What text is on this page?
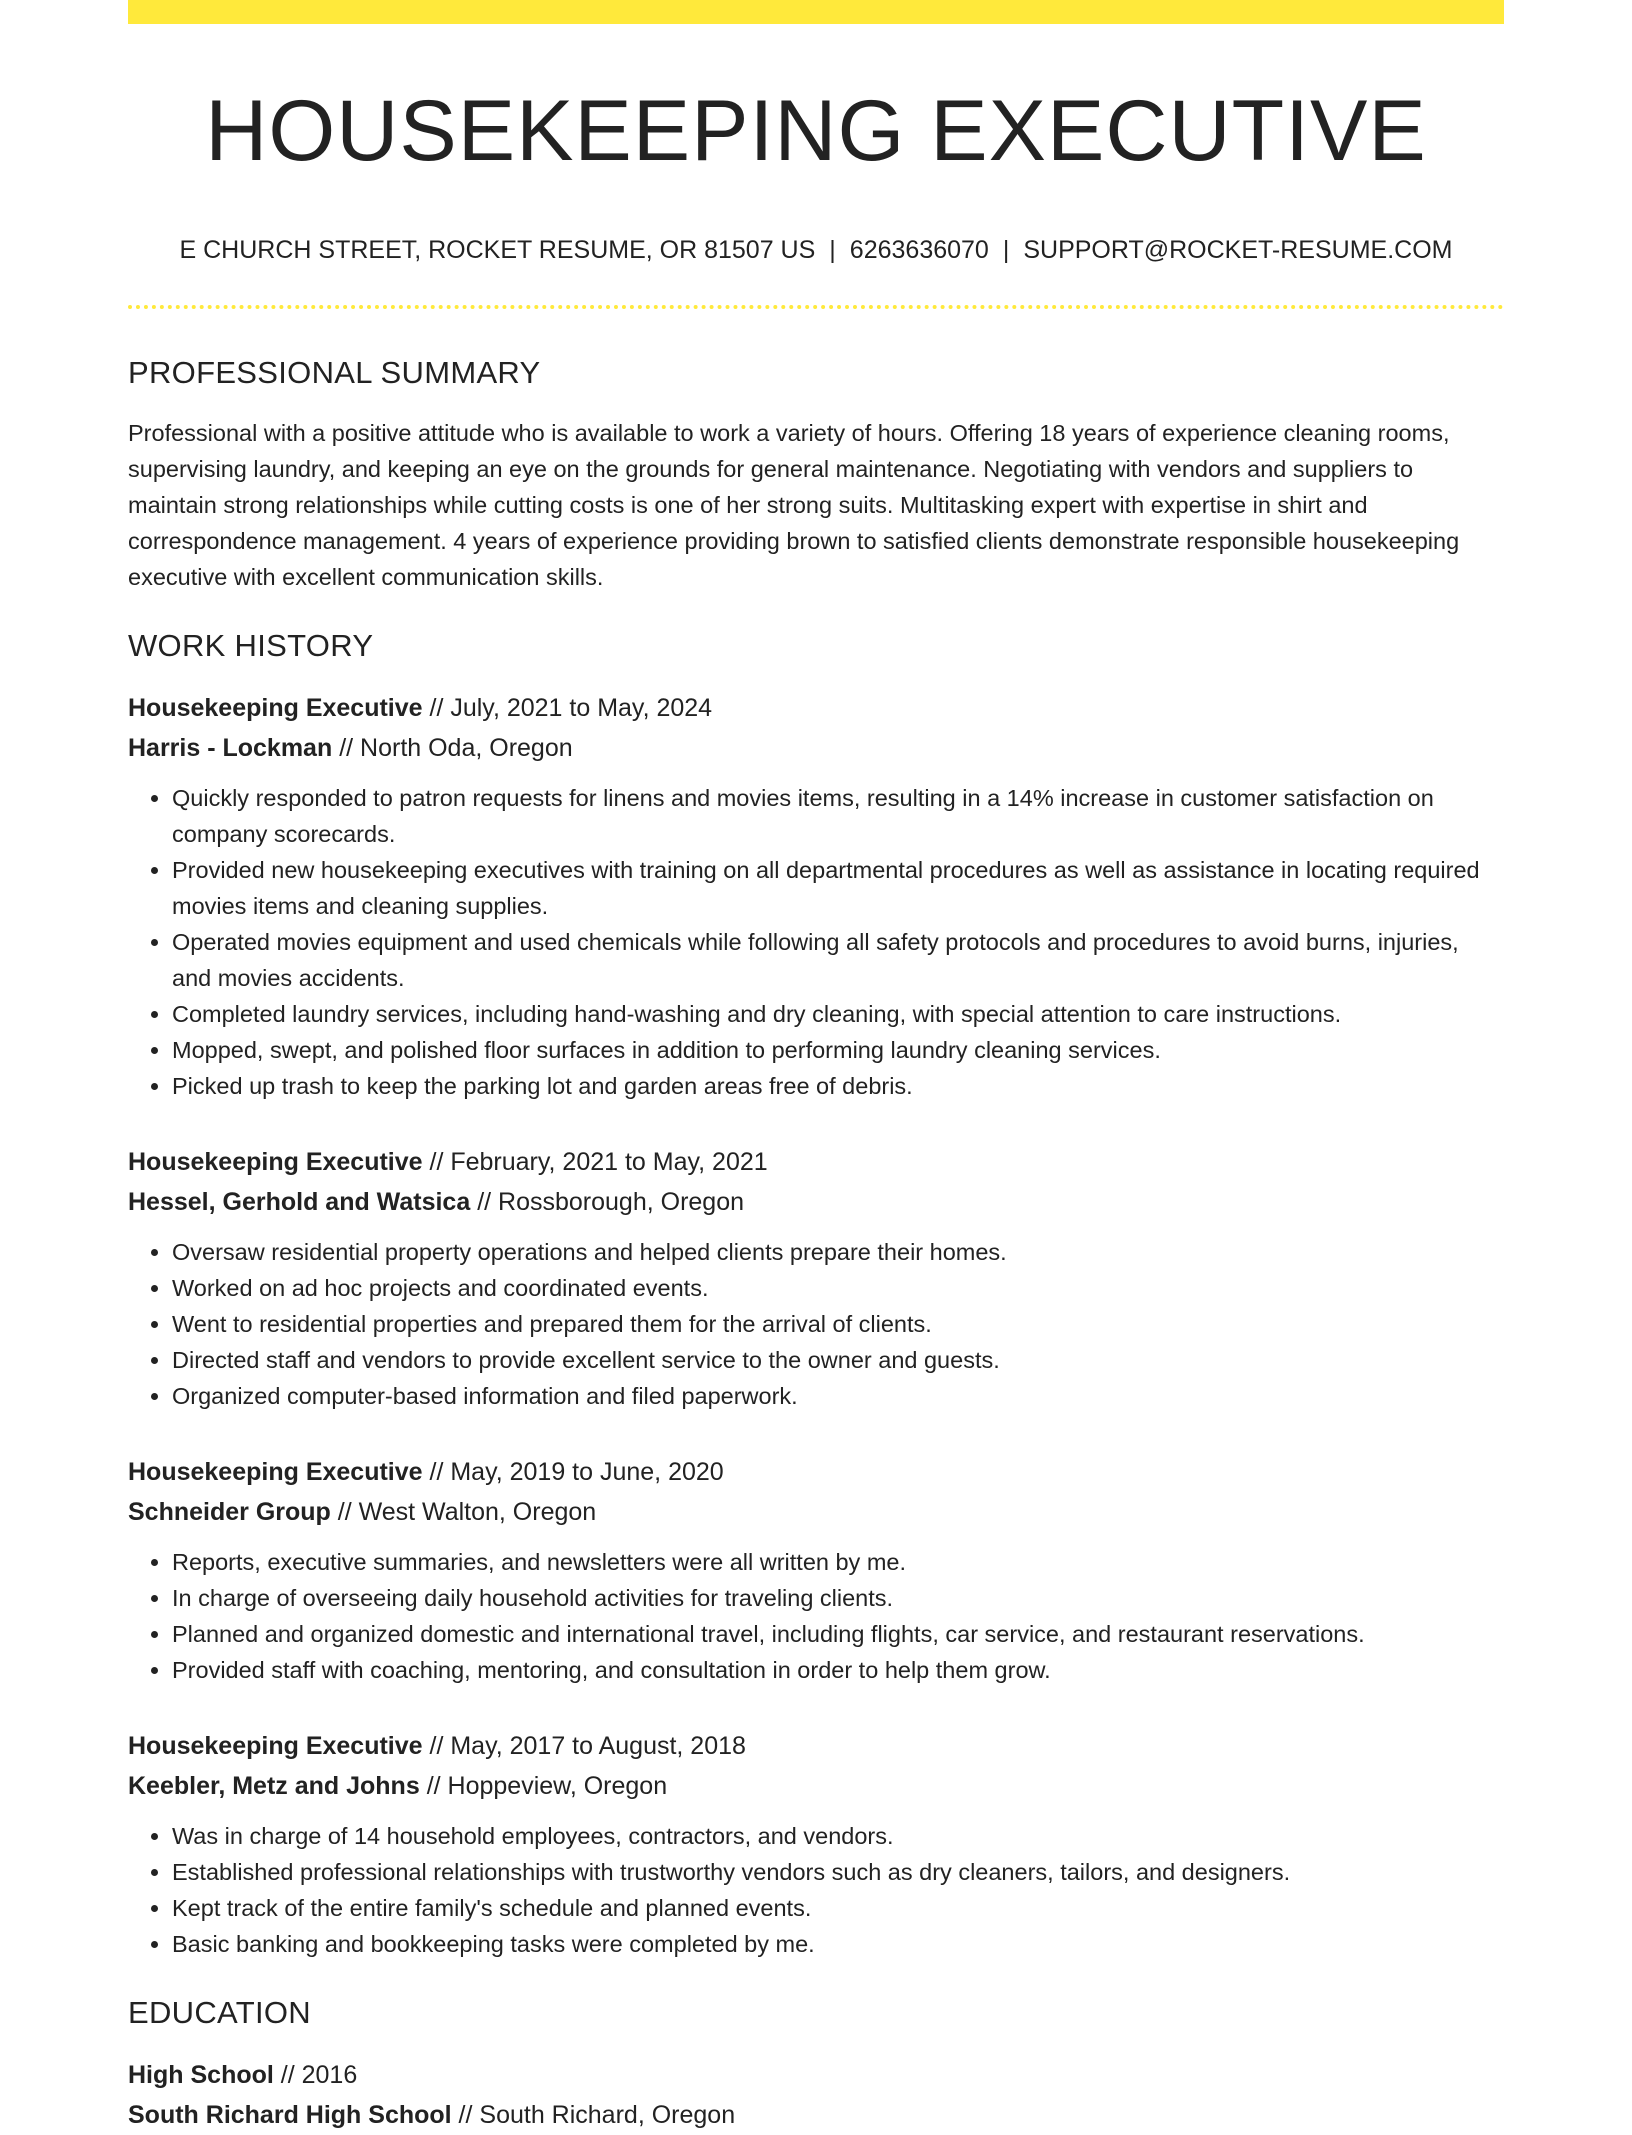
HOUSEKEEPING EXECUTIVE
E CHURCH STREET, ROCKET RESUME, OR 81507 US | 6263636070 | SUPPORT@ROCKET-RESUME.COM
PROFESSIONAL SUMMARY

Professional with a positive attitude who is available to work a variety of hours. Offering 18 years of experience cleaning rooms, supervising laundry, and keeping an eye on the grounds for general maintenance. Negotiating with vendors and suppliers to maintain strong relationships while cutting costs is one of her strong suits. Multitasking expert with expertise in shirt and correspondence management. 4 years of experience providing brown to satisfied clients demonstrate responsible housekeeping executive with excellent communication skills.

WORK HISTORY
Housekeeping Executive // July, 2021 to May, 2024
Harris - Lockman // North Oda, Oregon
• Quickly responded to patron requests for linens and movies items, resulting in a 14% increase in customer satisfaction on company scorecards.
• Provided new housekeeping executives with training on all departmental procedures as well as assistance in locating required movies items and cleaning supplies.
• Operated movies equipment and used chemicals while following all safety protocols and procedures to avoid burns, injuries, and movies accidents.
• Completed laundry services, including hand-washing and dry cleaning, with special attention to care instructions.
• Mopped, swept, and polished floor surfaces in addition to performing laundry cleaning services.
• Picked up trash to keep the parking lot and garden areas free of debris.
Housekeeping Executive // February, 2021 to May, 2021
Hessel, Gerhold and Watsica // Rossborough, Oregon
• Oversaw residential property operations and helped clients prepare their homes.
• Worked on ad hoc projects and coordinated events.
• Went to residential properties and prepared them for the arrival of clients.
• Directed staff and vendors to provide excellent service to the owner and guests.
• Organized computer-based information and filed paperwork.
Housekeeping Executive // May, 2019 to June, 2020
Schneider Group // West Walton, Oregon
• Reports, executive summaries, and newsletters were all written by me.
• In charge of overseeing daily household activities for traveling clients.
• Planned and organized domestic and international travel, including flights, car service, and restaurant reservations.
• Provided staff with coaching, mentoring, and consultation in order to help them grow.
Housekeeping Executive // May, 2017 to August, 2018
Keebler, Metz and Johns // Hoppeview, Oregon
• Was in charge of 14 household employees, contractors, and vendors.
• Established professional relationships with trustworthy vendors such as dry cleaners, tailors, and designers.
• Kept track of the entire family's schedule and planned events.
• Basic banking and bookkeeping tasks were completed by me.
EDUCATION
High School // 2016
South Richard High School // South Richard, Oregon
